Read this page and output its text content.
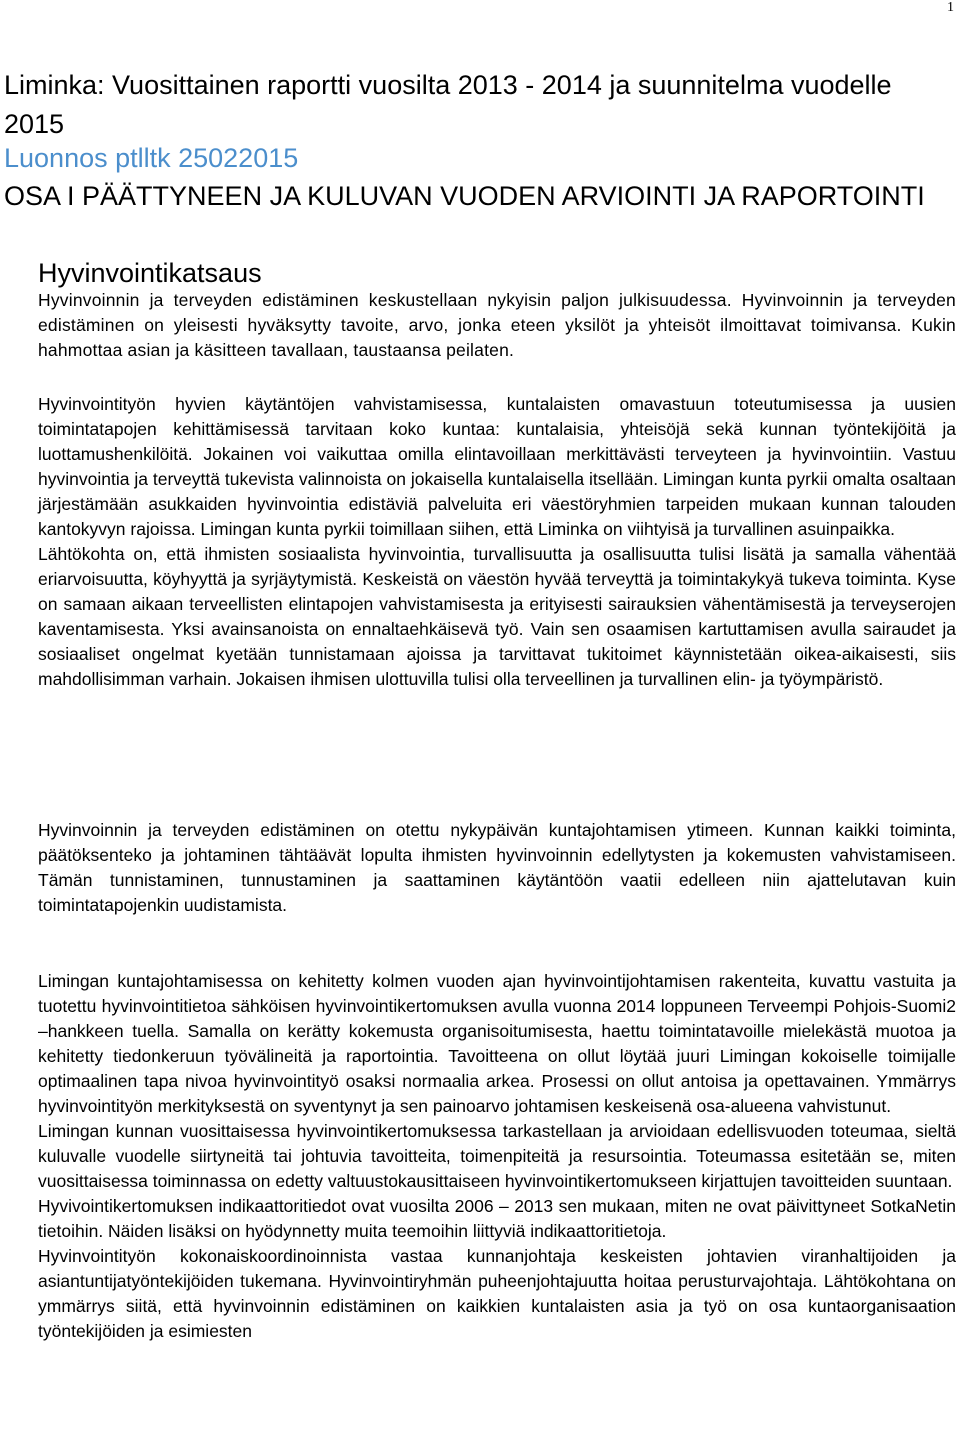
1
Liminka: Vuosittainen raportti vuosilta 2013 - 2014 ja suunnitelma vuodelle 2015
Luonnos ptlltk 25022015
OSA I PÄÄTTYNEEN JA KULUVAN VUODEN ARVIOINTI JA RAPORTOINTI
Hyvinvointikatsaus

Hyvinvoinnin ja terveyden edistäminen keskustellaan nykyisin paljon julkisuudessa. Hyvinvoinnin ja terveyden edistäminen on yleisesti hyväksytty tavoite, arvo, jonka eteen yksilöt ja yhteisöt ilmoittavat toimivansa. Kukin hahmottaa asian ja käsitteen tavallaan, taustaansa peilaten.

Hyvinvointityön hyvien käytäntöjen vahvistamisessa, kuntalaisten omavastuun toteutumisessa ja uusien toimintatapojen kehittämisessä tarvitaan koko kuntaa: kuntalaisia, yhteisöjä sekä kunnan työntekijöitä ja luottamushenkilöitä. Jokainen voi vaikuttaa omilla elintavoillaan merkittävästi terveyteen ja hyvinvointiin. Vastuu hyvinvointia ja terveyttä tukevista valinnoista on jokaisella kuntalaisella itsellään. Limingan kunta pyrkii omalta osaltaan järjestämään asukkaiden hyvinvointia edistäviä palveluita eri väestöryhmien tarpeiden mukaan kunnan talouden kantokyvyn rajoissa. Limingan kunta pyrkii toimillaan siihen, että Liminka on viihtyisä ja turvallinen asuinpaikka.

Lähtökohta on, että ihmisten sosiaalista hyvinvointia, turvallisuutta ja osallisuutta tulisi lisätä ja samalla vähentää eriarvoisuutta, köyhyyttä ja syrjäytymistä. Keskeistä on väestön hyvää terveyttä ja toimintakykyä tukeva toiminta. Kyse on samaan aikaan terveellisten elintapojen vahvistamisesta ja erityisesti sairauksien vähentämisestä ja terveyserojen kaventamisesta. Yksi avainsanoista on ennaltaehkäisevä työ. Vain sen osaamisen kartuttamisen avulla sairaudet ja sosiaaliset ongelmat kyetään tunnistamaan ajoissa ja tarvittavat tukitoimet käynnistetään oikea-aikaisesti, siis mahdollisimman varhain. Jokaisen ihmisen ulottuvilla tulisi olla terveellinen ja turvallinen elin- ja työympäristö.

Hyvinvoinnin ja terveyden edistäminen on otettu nykypäivän kuntajohtamisen ytimeen. Kunnan kaikki toiminta, päätöksenteko ja johtaminen tähtäävät lopulta ihmisten hyvinvoinnin edellytysten ja kokemusten vahvistamiseen. Tämän tunnistaminen, tunnustaminen ja saattaminen käytäntöön vaatii edelleen niin ajattelutavan kuin toimintatapojenkin uudistamista.

Limingan kuntajohtamisessa on kehitetty kolmen vuoden ajan hyvinvointijohtamisen rakenteita, kuvattu vastuita ja tuotettu hyvinvointitietoa sähköisen hyvinvointikertomuksen avulla vuonna 2014 loppuneen Terveempi Pohjois-Suomi2 –hankkeen tuella. Samalla on kerätty kokemusta organisoitumisesta, haettu toimintatavoille mielekästä muotoa ja kehitetty tiedonkeruun työvälineitä ja raportointia. Tavoitteena on ollut löytää juuri Limingan kokoiselle toimijalle optimaalinen tapa nivoa hyvinvointityö osaksi normaalia arkea. Prosessi on ollut antoisa ja opettavainen. Ymmärrys hyvinvointityön merkityksestä on syventynyt ja sen painoarvo johtamisen keskeisenä osa-alueena vahvistunut.

Limingan kunnan vuosittaisessa hyvinvointikertomuksessa tarkastellaan ja arvioidaan edellisvuoden toteumaa, sieltä kuluvalle vuodelle siirtyneitä tai johtuvia tavoitteita, toimenpiteitä ja resursointia. Toteumassa esitetään se, miten vuosittaisessa toiminnassa on edetty valtuustokausittaiseen hyvinvointikertomukseen kirjattujen tavoitteiden suuntaan.

Hyvivointikertomuksen indikaattoritiedot ovat vuosilta 2006 – 2013 sen mukaan, miten ne ovat päivittyneet SotkaNetin tietoihin. Näiden lisäksi on hyödynnetty muita teemoihin liittyviä indikaattoritietoja.

Hyvinvointityön kokonaiskoordinoinnista vastaa kunnanjohtaja keskeisten johtavien viranhaltijoiden ja asiantuntijatyöntekijöiden tukemana. Hyvinvointiryhmän puheenjohtajuutta hoitaa perusturvajohtaja. Lähtökohtana on ymmärrys siitä, että hyvinvoinnin edistäminen on kaikkien kuntalaisten asia ja työ on osa kuntaorganisaation työntekijöiden ja esimiesten
